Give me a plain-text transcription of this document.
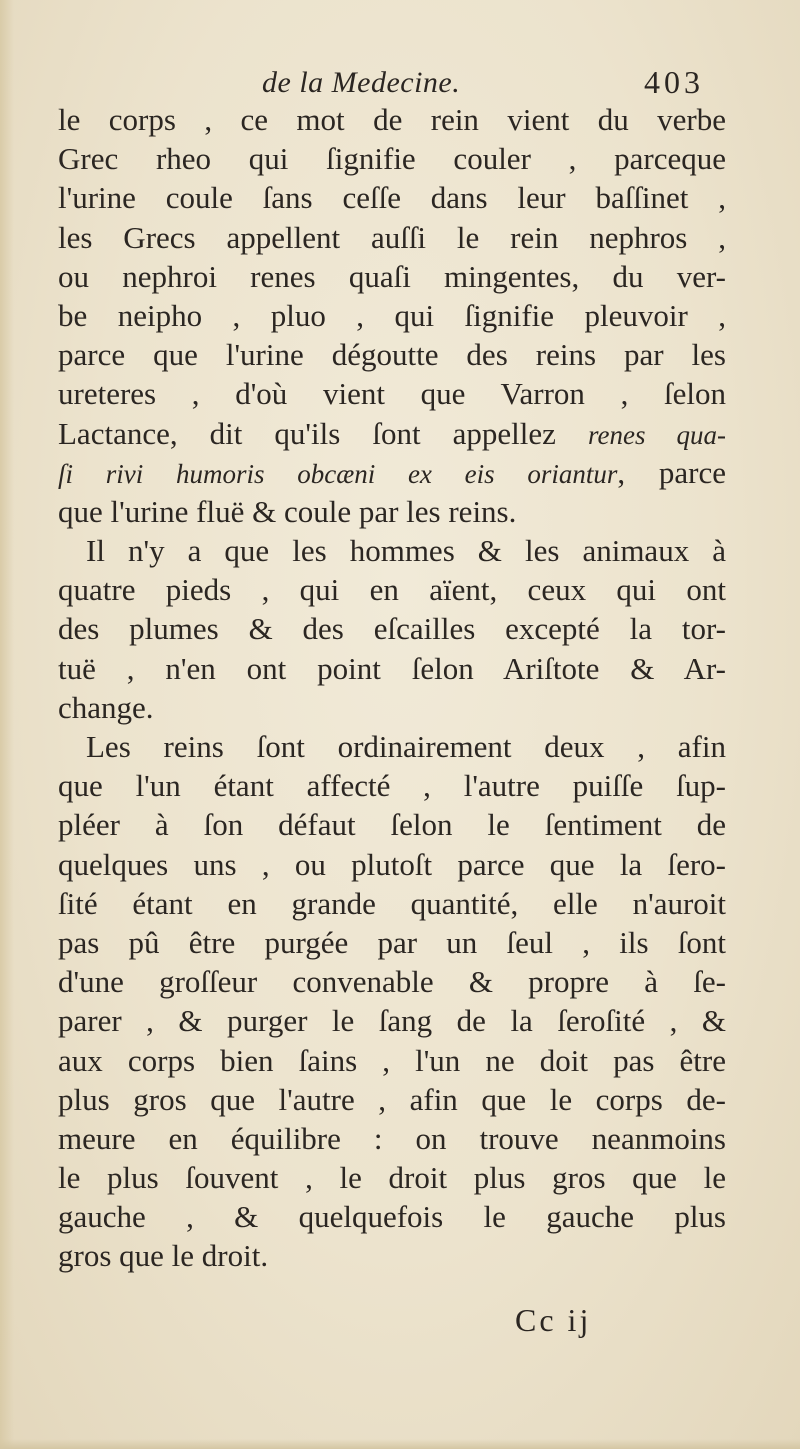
de la Medecine.	403
le corps , ce mot de rein vient du verbe
Grec rheo qui ſignifie couler , parceque
l'urine coule ſans ceſſe dans leur baſſinet ,
les Grecs appellent auſſi le rein nephros ,
ou nephroi renes quaſi mingentes, du ver-
be neipho , pluo , qui ſignifie pleuvoir ,
parce que l'urine dégoutte des reins par les
ureteres , d'où vient que Varron , ſelon
Lactance, dit qu'ils ſont appellez renes qua-
ſi rivi humoris obcæni ex eis oriantur, parce
que l'urine fluë & coule par les reins.
Il n'y a que les hommes & les animaux à
quatre pieds , qui en aïent, ceux qui ont
des plumes & des eſcailles excepté la tor-
tuë , n'en ont point ſelon Ariſtote & Ar-
change.
Les reins ſont ordinairement deux , afin
que l'un étant affecté , l'autre puiſſe ſup-
pléer à ſon défaut ſelon le ſentiment de
quelques uns , ou plutoſt parce que la ſero-
ſité étant en grande quantité, elle n'auroit
pas pû être purgée par un ſeul , ils ſont
d'une groſſeur convenable & propre à ſe-
parer , & purger le ſang de la ſeroſité , &
aux corps bien ſains , l'un ne doit pas être
plus gros que l'autre , afin que le corps de-
meure en équilibre : on trouve neanmoins
le plus ſouvent , le droit plus gros que le
gauche , & quelquefois le gauche plus
gros que le droit.
Cc ij
